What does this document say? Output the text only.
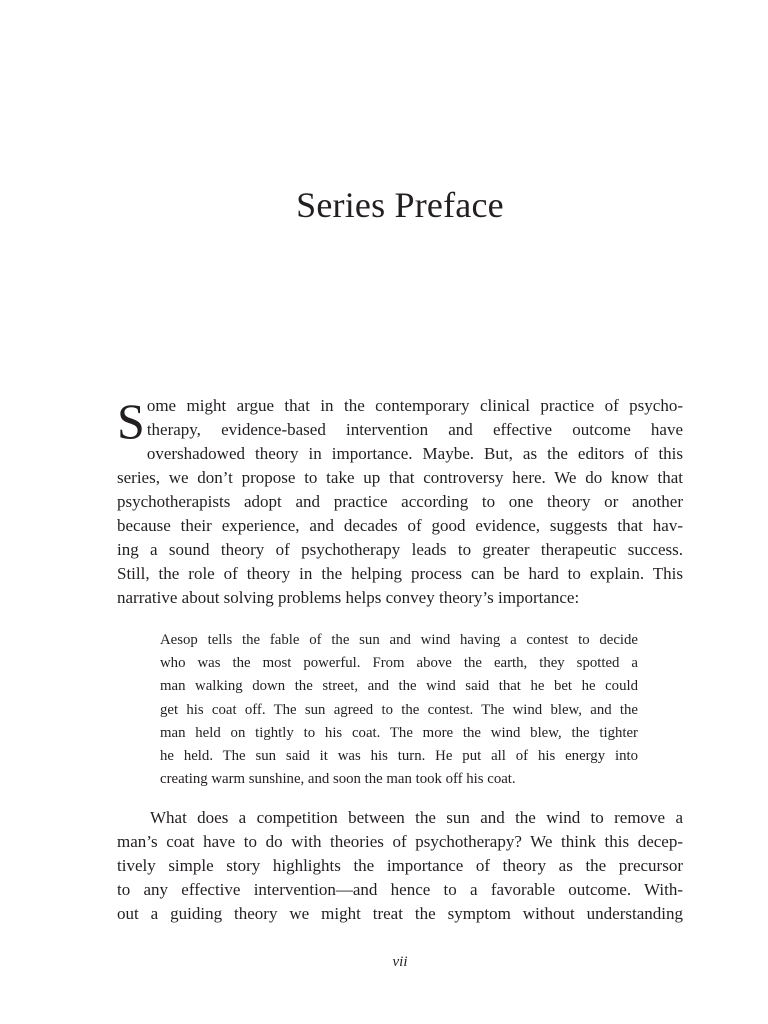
Series Preface
S ome might argue that in the contemporary clinical practice of psycho-
therapy, evidence-based intervention and effective outcome have
overshadowed theory in importance. Maybe. But, as the editors of this
series, we don’t propose to take up that controversy here. We do know that
psychotherapists adopt and practice according to one theory or another
because their experience, and decades of good evidence, suggests that hav-
ing a sound theory of psychotherapy leads to greater therapeutic success.
Still, the role of theory in the helping process can be hard to explain. This
narrative about solving problems helps convey theory’s importance:
Aesop tells the fable of the sun and wind having a contest to decide
who was the most powerful. From above the earth, they spotted a
man walking down the street, and the wind said that he bet he could
get his coat off. The sun agreed to the contest. The wind blew, and the
man held on tightly to his coat. The more the wind blew, the tighter
he held. The sun said it was his turn. He put all of his energy into
creating warm sunshine, and soon the man took off his coat.
What does a competition between the sun and the wind to remove a
man’s coat have to do with theories of psychotherapy? We think this decep-
tively simple story highlights the importance of theory as the precursor
to any effective intervention—and hence to a favorable outcome. With-
out a guiding theory we might treat the symptom without understanding
vii
